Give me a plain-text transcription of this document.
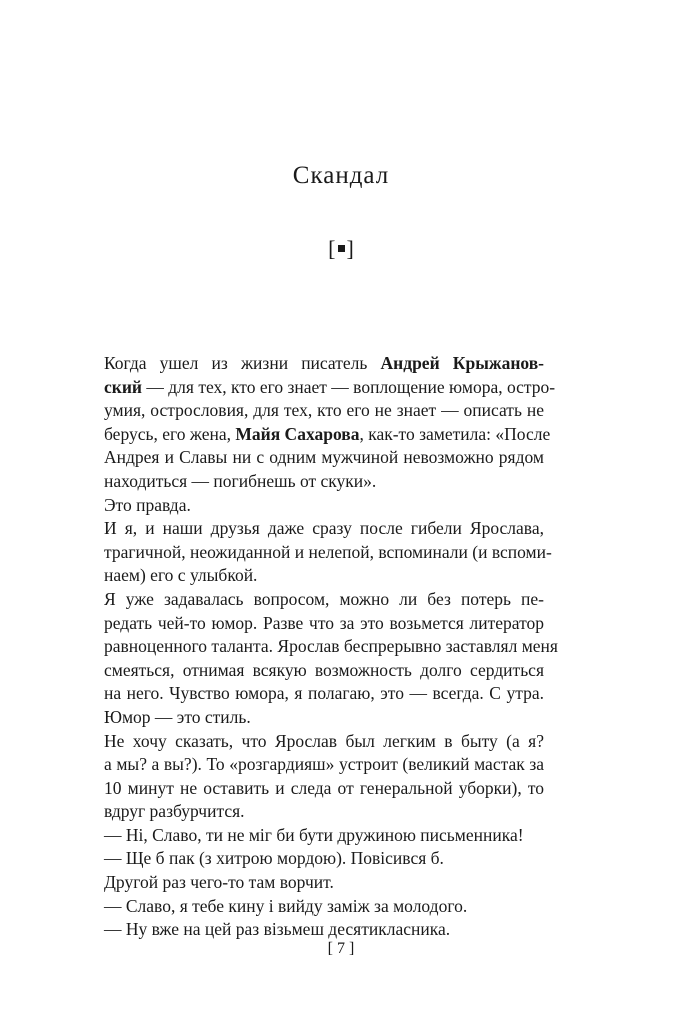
Скандал
[ ]

Когда ушел из жизни писатель Андрей Крыжанов-
ский — для тех, кто его знает — воплощение юмора, остро-
умия, острословия, для тех, кто его не знает — описать не
берусь, его жена, Майя Сахарова, как-то заметила: «После
Андрея и Славы ни с одним мужчиной невозможно рядом
находиться — погибнешь от скуки».

Это правда.

И я, и наши друзья даже сразу после гибели Ярослава,
трагичной, неожиданной и нелепой, вспоминали (и вспоми-
наем) его с улыбкой.

Я уже задавалась вопросом, можно ли без потерь пе-
редать чей-то юмор. Разве что за это возьмется литератор
равноценного таланта. Ярослав беспрерывно заставлял меня
смеяться, отнимая всякую возможность долго сердиться
на него. Чувство юмора, я полагаю, это — всегда. С утра.
Юмор — это стиль.

Не хочу сказать, что Ярослав был легким в быту (а я?
а мы? а вы?). То «розгардияш» устроит (великий мастак за
10 минут не оставить и следа от генеральной уборки), то
вдруг разбурчится.

— Ні, Славо, ти не міг би бути дружиною письменника!

— Ще б пак (з хитрою мордою). Повісився б.

Другой раз чего-то там ворчит.

— Славо, я тебе кину і вийду заміж за молодого.

— Ну вже на цей раз візьмеш десятикласника.

[ 7 ]
